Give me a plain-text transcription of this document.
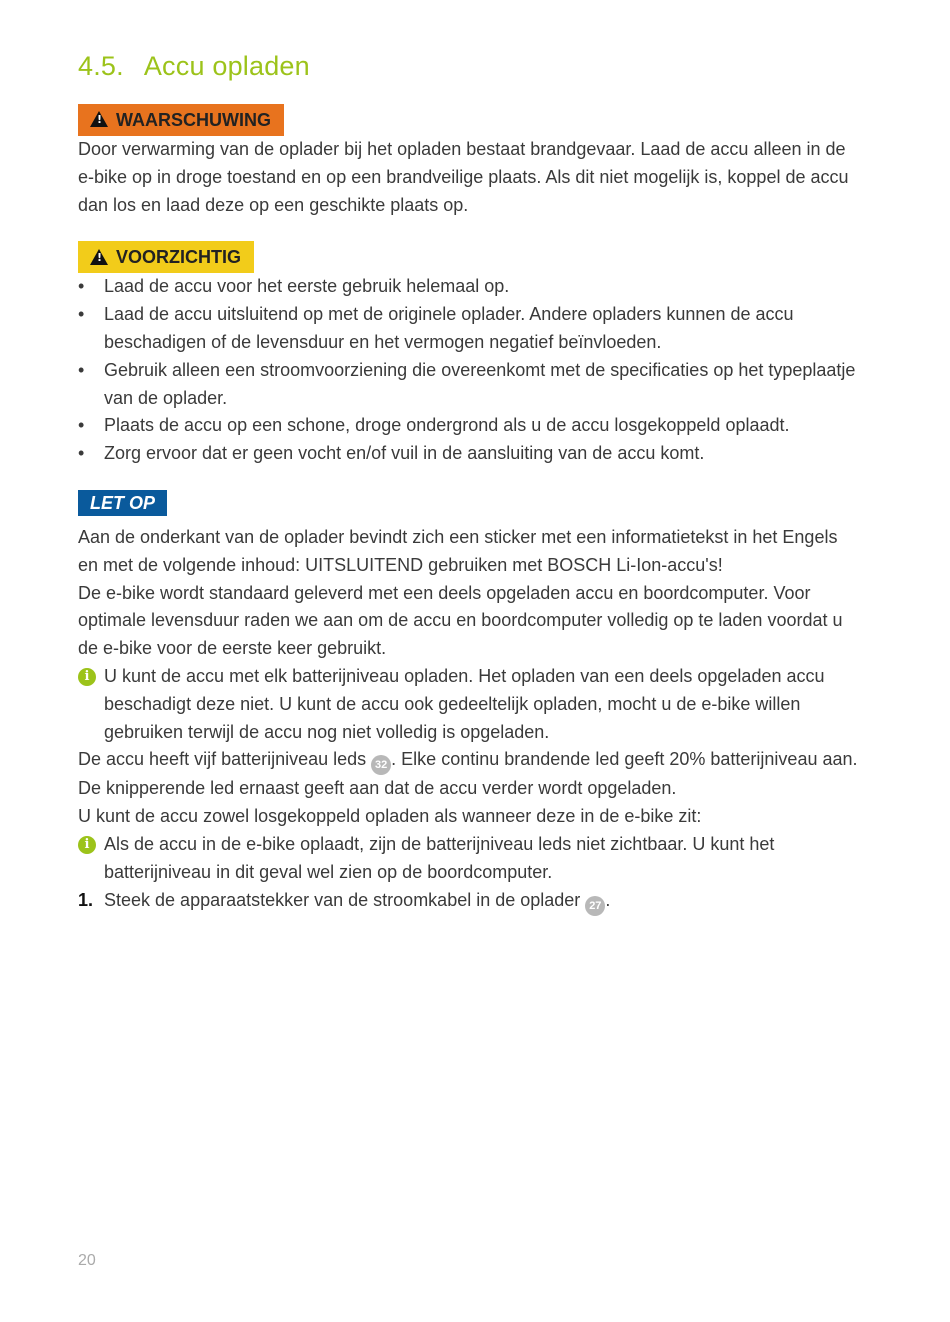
4.5. Accu opladen
!WAARSCHUWING

Door verwarming van de oplader bij het opladen bestaat brandgevaar. Laad de accu alleen in de e-bike op in droge toestand en op een brandveilige plaats. Als dit niet mogelijk is, koppel de accu dan los en laad deze op een geschikte plaats op.

!VOORZICHTIG
• Laad de accu voor het eerste gebruik helemaal op.
• Laad de accu uitsluitend op met de originele oplader. Andere opladers kunnen de accu beschadigen of de levensduur en het vermogen negatief beïnvloeden.
• Gebruik alleen een stroomvoorziening die overeenkomt met de specificaties op het typeplaatje van de oplader.
• Plaats de accu op een schone, droge ondergrond als u de accu losgekoppeld oplaadt.
• Zorg ervoor dat er geen vocht en/of vuil in de aansluiting van de accu komt.
LET OP

Aan de onderkant van de oplader bevindt zich een sticker met een informatietekst in het Engels en met de volgende inhoud: UITSLUITEND gebruiken met BOSCH Li-Ion-accu's!

De e-bike wordt standaard geleverd met een deels opgeladen accu en boordcomputer. Voor optimale levensduur raden we aan om de accu en boordcomputer volledig op te laden voordat u de e-bike voor de eerste keer gebruikt.

i U kunt de accu met elk batterijniveau opladen. Het opladen van een deels opgeladen accu beschadigt deze niet. U kunt de accu ook gedeeltelijk opladen, mocht u de e-bike willen gebruiken terwijl de accu nog niet volledig is opgeladen.

De accu heeft vijf batterijniveau leds 32 . Elke continu brandende led geeft 20% batterijniveau aan. De knipperende led ernaast geeft aan dat de accu verder wordt opgeladen.

U kunt de accu zowel losgekoppeld opladen als wanneer deze in de e-bike zit:

i Als de accu in de e-bike oplaadt, zijn de batterijniveau leds niet zichtbaar. U kunt het batterijniveau in dit geval wel zien op de boordcomputer.

1. Steek de apparaatstekker van de stroomkabel in de oplader 27 .

20
